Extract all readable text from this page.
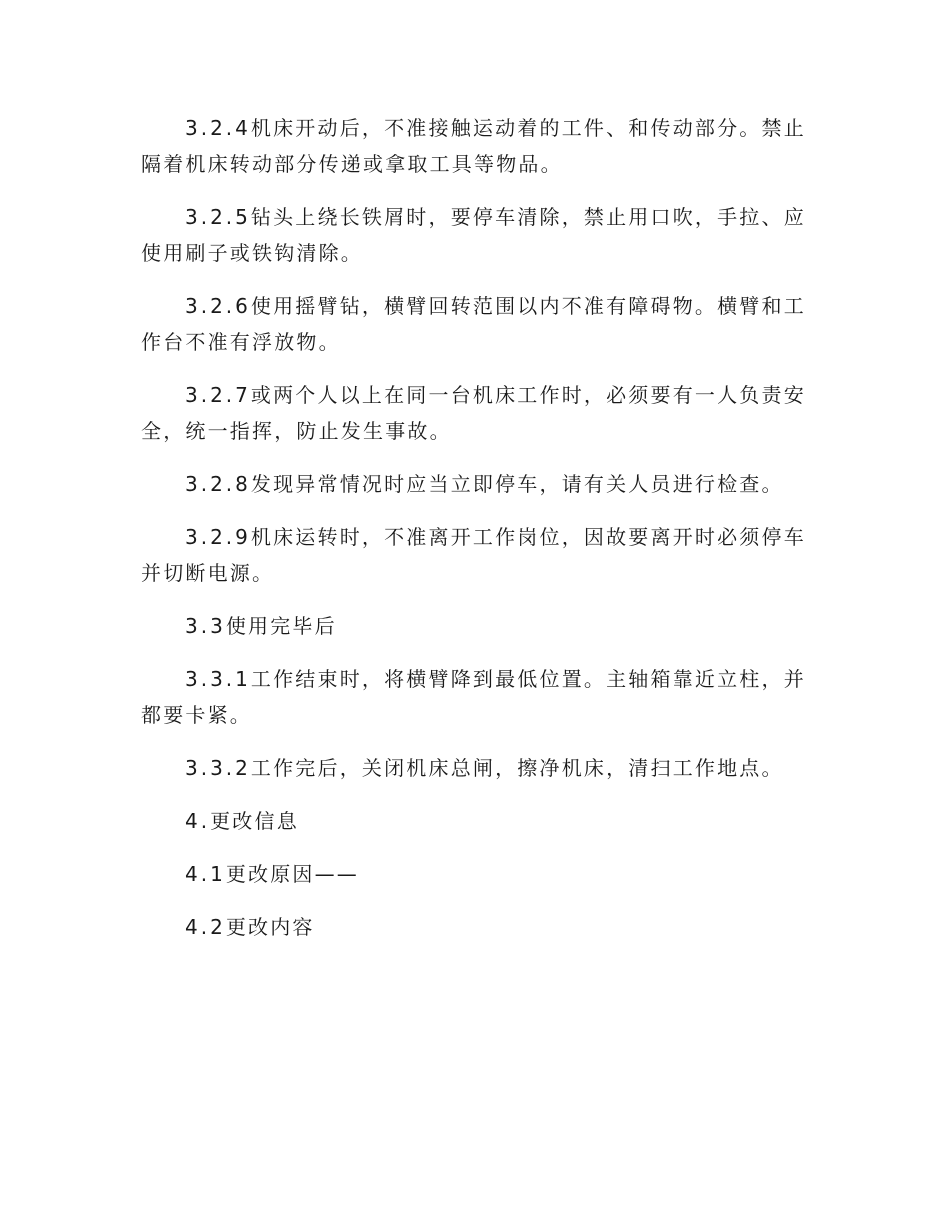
3.2.4机床开动后，不准接触运动着的工件、和传动部分。禁止隔着机床转动部分传递或拿取工具等物品。

3.2.5钻头上绕长铁屑时，要停车清除，禁止用口吹，手拉、应使用刷子或铁钩清除。

3.2.6使用摇臂钻，横臂回转范围以内不准有障碍物。横臂和工作台不准有浮放物。

3.2.7或两个人以上在同一台机床工作时，必须要有一人负责安全，统一指挥，防止发生事故。

3.2.8发现异常情况时应当立即停车，请有关人员进行检查。

3.2.9机床运转时，不准离开工作岗位，因故要离开时必须停车并切断电源。

3.3使用完毕后

3.3.1工作结束时，将横臂降到最低位置。主轴箱靠近立柱，并都要卡紧。

3.3.2工作完后，关闭机床总闸，擦净机床，清扫工作地点。

4.更改信息

4.1更改原因——

4.2更改内容
